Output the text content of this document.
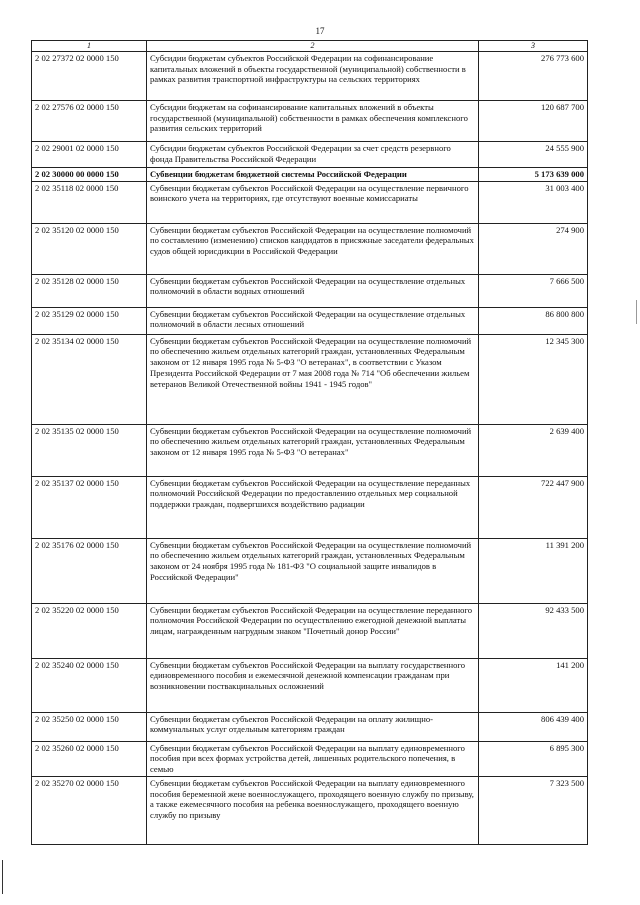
17
1	2	3
2 02 27372 02 0000 150	Субсидии бюджетам субъектов Российской Федерации на софинансирование капитальных вложений в объекты государственной (муниципальной) собственности в рамках развития транспортной инфраструктуры на сельских территориях	276 773 600
2 02 27576 02 0000 150	Субсидии бюджетам на софинансирование капитальных вложений в объекты государственной (муниципальной) собственности в рамках обеспечения комплексного развития сельских территорий	120 687 700
2 02 29001 02 0000 150	Субсидии бюджетам субъектов Российской Федерации за счет средств резервного фонда Правительства Российской Федерации	24 555 900
2 02 30000 00 0000 150	Субвенции бюджетам бюджетной системы Российской Федерации	5 173 639 000
2 02 35118 02 0000 150	Субвенции бюджетам субъектов Российской Федерации на осуществление первичного воинского учета на территориях, где отсутствуют военные комиссариаты	31 003 400
2 02 35120 02 0000 150	Субвенции бюджетам субъектов Российской Федерации на осуществление полномочий по составлению (изменению) списков кандидатов в присяжные заседатели федеральных судов общей юрисдикции в Российской Федерации	274 900
2 02 35128 02 0000 150	Субвенции бюджетам субъектов Российской Федерации на осуществление отдельных полномочий в области водных отношений	7 666 500
2 02 35129 02 0000 150	Субвенции бюджетам субъектов Российской Федерации на осуществление отдельных полномочий в области лесных отношений	86 800 800
2 02 35134 02 0000 150	Субвенции бюджетам субъектов Российской Федерации на осуществление полномочий по обеспечению жильем отдельных категорий граждан, установленных Федеральным законом от 12 января 1995 года № 5-ФЗ "О ветеранах", в соответствии с Указом Президента Российской Федерации от 7 мая 2008 года № 714 "Об обеспечении жильем ветеранов Великой Отечественной войны 1941 - 1945 годов"	12 345 300
2 02 35135 02 0000 150	Субвенции бюджетам субъектов Российской Федерации на осуществление полномочий по обеспечению жильем отдельных категорий граждан, установленных Федеральным законом от 12 января 1995 года № 5-ФЗ "О ветеранах"	2 639 400
2 02 35137 02 0000 150	Субвенции бюджетам субъектов Российской Федерации на осуществление переданных полномочий Российской Федерации по предоставлению отдельных мер социальной поддержки граждан, подвергшихся воздействию радиации	722 447 900
2 02 35176 02 0000 150	Субвенции бюджетам субъектов Российской Федерации на осуществление полномочий по обеспечению жильем отдельных категорий граждан, установленных Федеральным законом от 24 ноября 1995 года № 181-ФЗ "О социальной защите инвалидов в Российской Федерации"	11 391 200
2 02 35220 02 0000 150	Субвенции бюджетам субъектов Российской Федерации на осуществление переданного полномочия Российской Федерации по осуществлению ежегодной денежной выплаты лицам, награжденным нагрудным знаком "Почетный донор России"	92 433 500
2 02 35240 02 0000 150	Субвенции бюджетам субъектов Российской Федерации на выплату государственного единовременного пособия и ежемесячной денежной компенсации гражданам при возникновении поствакцинальных осложнений	141 200
2 02 35250 02 0000 150	Субвенции бюджетам субъектов Российской Федерации на оплату жилищно-коммунальных услуг отдельным категориям граждан	806 439 400
2 02 35260 02 0000 150	Субвенции бюджетам субъектов Российской Федерации на выплату единовременного пособия при всех формах устройства детей, лишенных родительского попечения, в семью	6 895 300
2 02 35270 02 0000 150	Субвенции бюджетам субъектов Российской Федерации на выплату единовременного пособия беременной жене военнослужащего, проходящего военную службу по призыву, а также ежемесячного пособия на ребенка военнослужащего, проходящего военную службу по призыву	7 323 500
